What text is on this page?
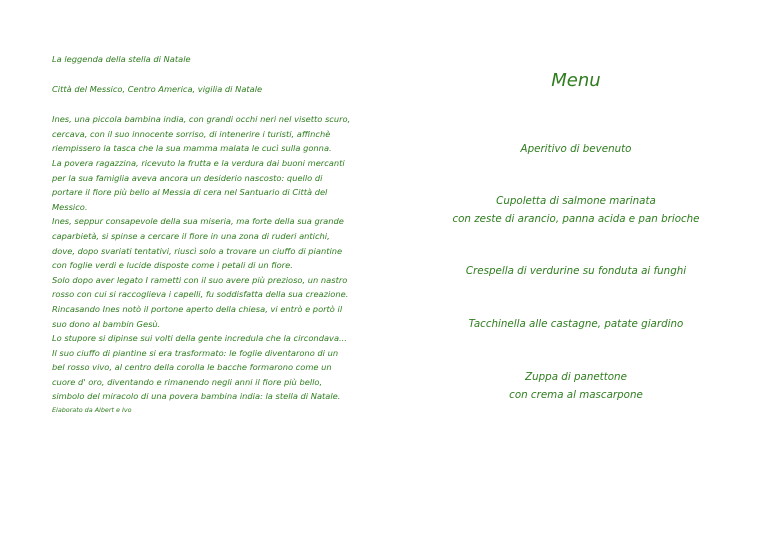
La leggenda della stella di Natale
Città del Messico, Centro America, vigilia di Natale

Ines, una piccola bambina india, con grandi occhi neri nel visetto scuro, cercava, con il suo innocente sorriso, di intenerire i turisti, affinchè riempissero la tasca che la sua mamma malata le cucì sulla gonna.

La povera ragazzina, ricevuto la frutta e la verdura dai buoni mercanti per la sua famiglia aveva ancora un desiderio nascosto: quello di portare il fiore più bello al Messia di cera nel Santuario di Città del Messico.

Ines, seppur consapevole della sua miseria, ma forte della sua grande caparbietà, si spinse a cercare il fiore in una zona di ruderi antichi, dove, dopo svariati tentativi, riuscì solo a trovare un ciuffo di piantine con foglie verdi e lucide disposte come i petali di un fiore.

Solo dopo aver legato I rametti con il suo avere più prezioso, un nastro rosso con cui si raccoglieva i capelli, fu soddisfatta della sua creazione.

Rincasando Ines notò il portone aperto della chiesa, vi entrò e portò il suo dono al bambin Gesù.

Lo stupore si dipinse sui volti della gente incredula che la circondava...

Il suo ciuffo di piantine si era trasformato: le foglie diventarono di un bel rosso vivo, al centro della corolla le bacche formarono come un cuore d' oro, diventando e rimanendo negli anni il fiore più bello, simbolo del miracolo di una povera bambina india: la stella di Natale.

Elaborato da Albert e Ivo
Menu
Aperitivo di bevenuto
Cupoletta di salmone marinata
con zeste di arancio, panna acida e pan brioche
Crespella di verdurine su fonduta ai funghi
Tacchinella alle castagne, patate giardino
Zuppa di panettone
con crema al mascarpone
